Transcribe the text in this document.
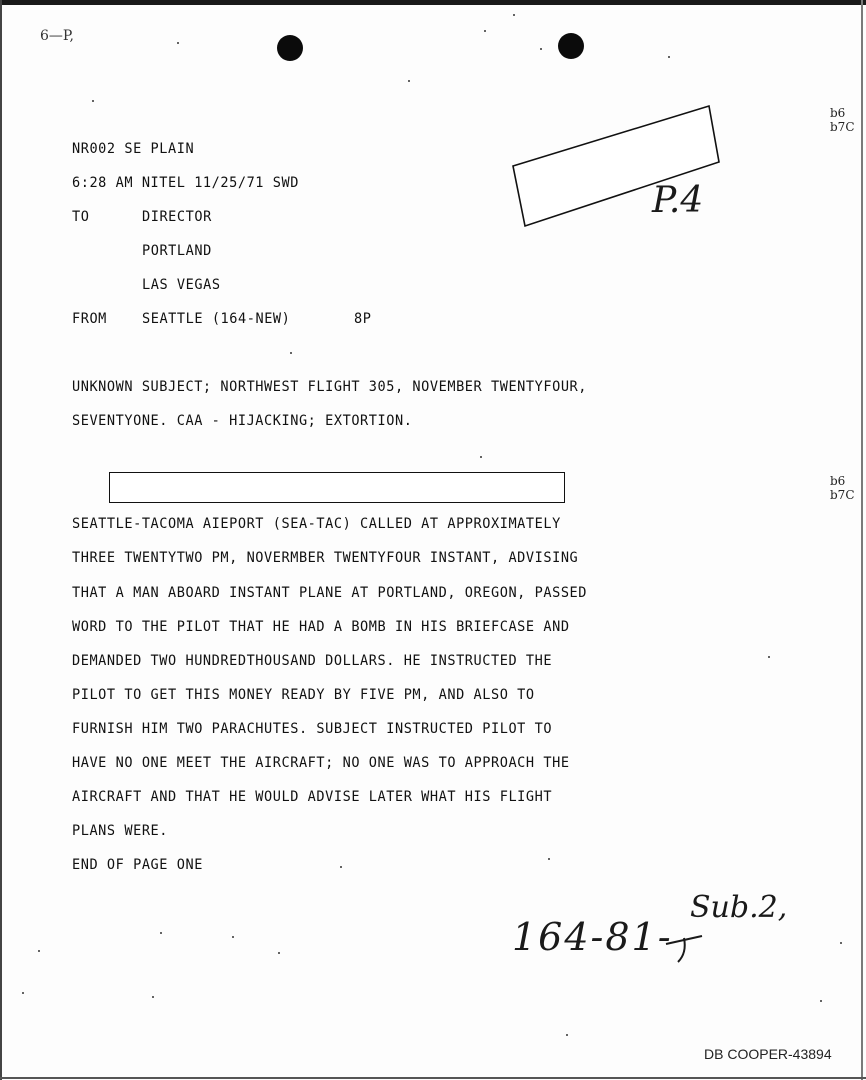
6—P,
NR002 SE PLAIN
6:28 AM NITEL 11/25/71 SWD
TO	DIRECTOR
PORTLAND
LAS VEGAS
FROM SEATTLE (164-NEW)	8P
P.4
b6
b7C
UNKNOWN SUBJECT; NORTHWEST FLIGHT 305, NOVEMBER TWENTYFOUR,
SEVENTYONE. CAA - HIJACKING; EXTORTION.
b6
b7C
SEATTLE-TACOMA AIEPORT (SEA-TAC) CALLED AT APPROXIMATELY
THREE TWENTYTWO PM, NOVERMBER TWENTYFOUR INSTANT, ADVISING
THAT A MAN ABOARD INSTANT PLANE AT PORTLAND, OREGON, PASSED
WORD TO THE PILOT THAT HE HAD A BOMB IN HIS BRIEFCASE AND
DEMANDED TWO HUNDREDTHOUSAND DOLLARS. HE INSTRUCTED THE
PILOT TO GET THIS MONEY READY BY FIVE PM, AND ALSO TO
FURNISH HIM TWO PARACHUTES. SUBJECT INSTRUCTED PILOT TO
HAVE NO ONE MEET THE AIRCRAFT; NO ONE WAS TO APPROACH THE
AIRCRAFT AND THAT HE WOULD ADVISE LATER WHAT HIS FLIGHT
PLANS WERE.
END OF PAGE ONE
164-81-
Sub.2,
DB COOPER-43894
